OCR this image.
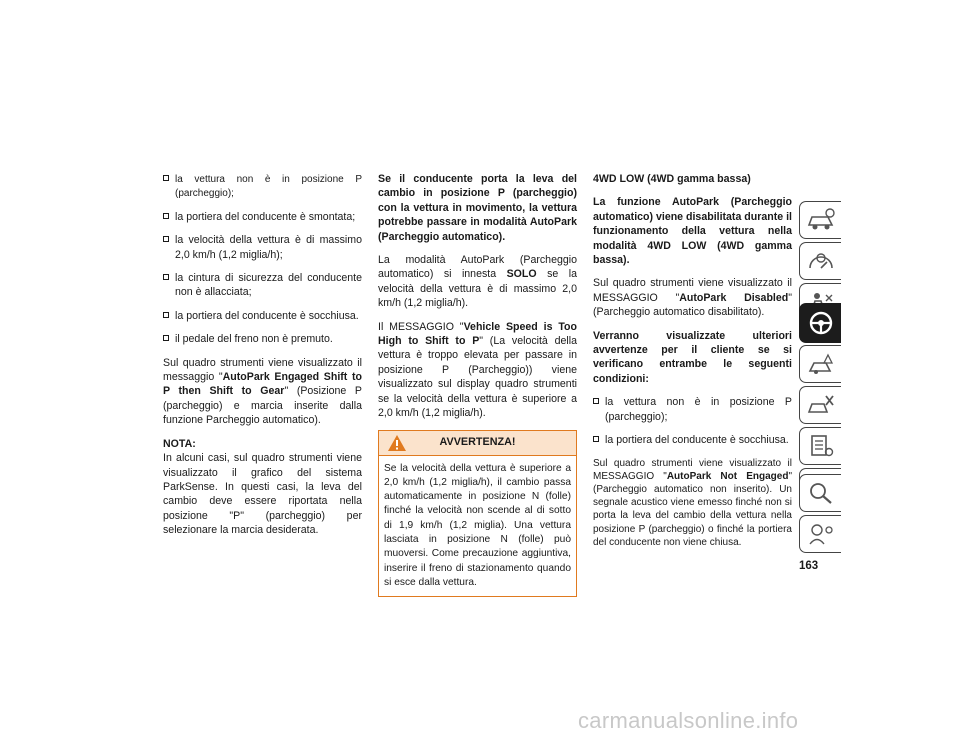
la vettura non è in posizione P (parcheggio);
la portiera del conducente è smontata;
la velocità della vettura è di massimo 2,0 km/h (1,2 miglia/h);
la cintura di sicurezza del conducente non è allacciata;
la portiera del conducente è socchiusa.
il pedale del freno non è premuto.

Sul quadro strumenti viene visualizzato il messaggio "AutoPark Engaged Shift to P then Shift to Gear" (Posizione P (parcheggio) e marcia inserite dalla funzione Parcheggio automatico).

NOTA:
In alcuni casi, sul quadro strumenti viene visualizzato il grafico del sistema ParkSense. In questi casi, la leva del cambio deve essere riportata nella posizione "P" (parcheggio) per selezionare la marcia desiderata.

Se il conducente porta la leva del cambio in posizione P (parcheggio) con la vettura in movimento, la vettura potrebbe passare in modalità AutoPark (Parcheggio automatico).

La modalità AutoPark (Parcheggio automatico) si innesta SOLO se la velocità della vettura è di massimo 2,0 km/h (1,2 miglia/h).

Il MESSAGGIO "Vehicle Speed is Too High to Shift to P" (La velocità della vettura è troppo elevata per passare in posizione P (Parcheggio)) viene visualizzato sul display quadro strumenti se la velocità della vettura è superiore a 2,0 km/h (1,2 miglia/h).

AVVERTENZA!
Se la velocità della vettura è superiore a 2,0 km/h (1,2 miglia/h), il cambio passa automaticamente in posizione N (folle) finché la velocità non scende al di sotto di 1,9 km/h (1,2 miglia). Una vettura lasciata in posizione N (folle) può muoversi. Come precauzione aggiuntiva, inserire il freno di stazionamento quando si esce dalla vettura.

4WD LOW (4WD gamma bassa)

La funzione AutoPark (Parcheggio automatico) viene disabilitata durante il funzionamento della vettura nella modalità 4WD LOW (4WD gamma bassa).

Sul quadro strumenti viene visualizzato il MESSAGGIO "AutoPark Disabled" (Parcheggio automatico disabilitato).

Verranno visualizzate ulteriori avvertenze per il cliente se si verificano entrambe le seguenti condizioni:

la vettura non è in posizione P (parcheggio);
la portiera del conducente è socchiusa.

Sul quadro strumenti viene visualizzato il MESSAGGIO "AutoPark Not Engaged" (Parcheggio automatico non inserito). Un segnale acustico viene emesso finché non si porta la leva del cambio della vettura nella posizione P (parcheggio) o finché la portiera del conducente non viene chiusa.

163
carmanualsonline.info
